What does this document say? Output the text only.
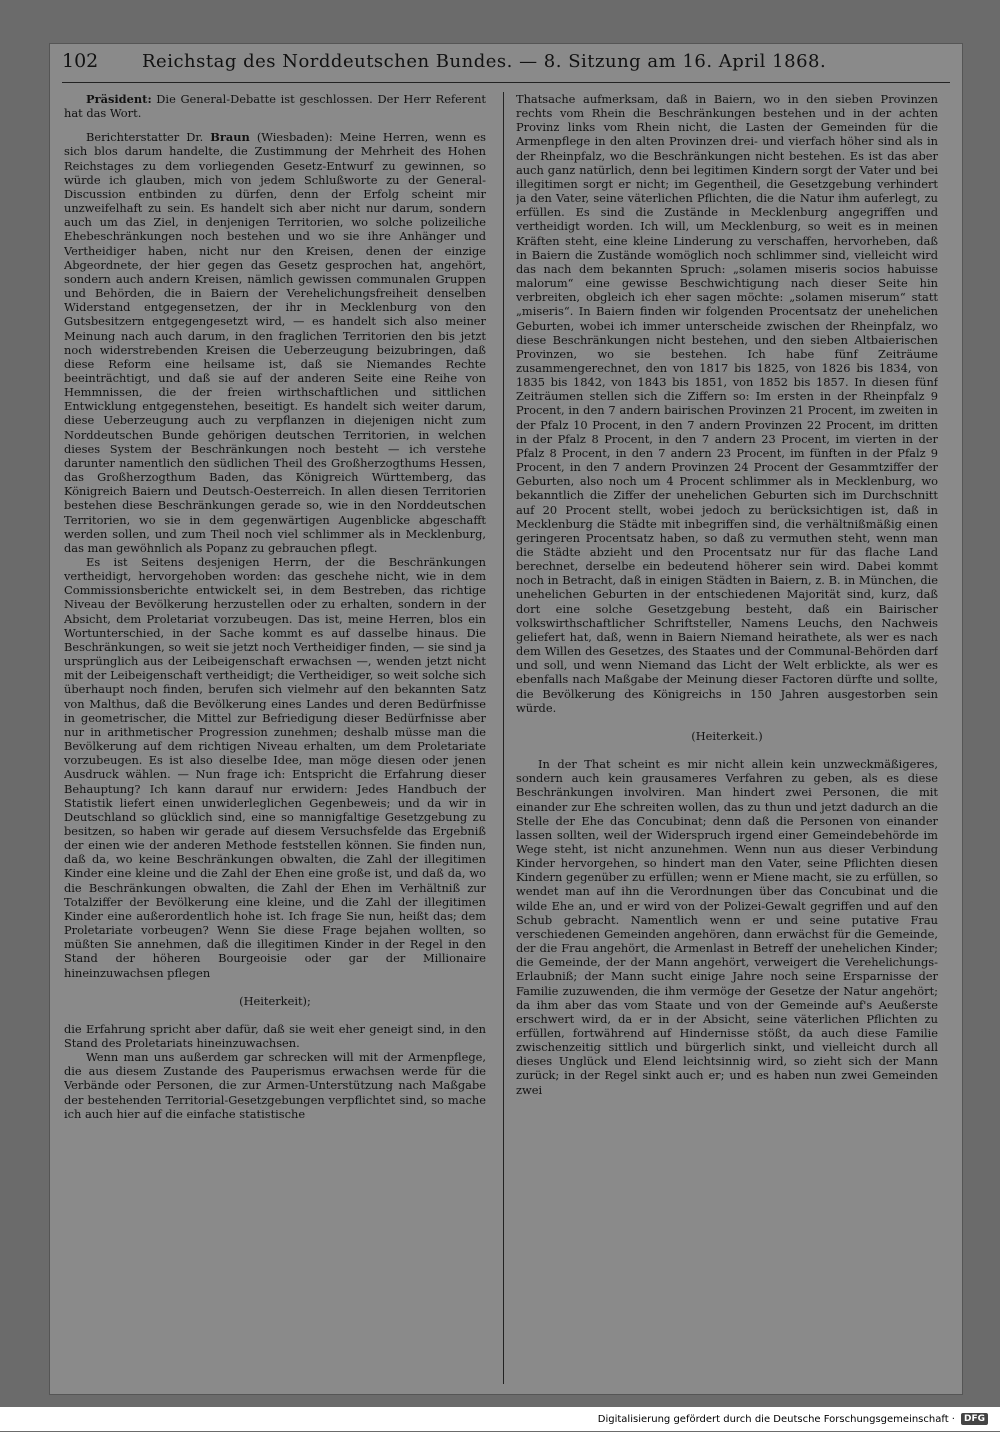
102	Reichstag des Norddeutschen Bundes. — 8. Sitzung am 16. April 1868.

Präsident: Die General-Debatte ist geschlossen. Der Herr Referent hat das Wort.

Berichterstatter Dr. Braun (Wiesbaden): Meine Herren, wenn es sich blos darum handelte, die Zustimmung der Mehrheit des Hohen Reichstages zu dem vorliegenden Gesetz-Entwurf zu gewinnen, so würde ich glauben, mich von jedem Schlußworte zu der General-Discussion entbinden zu dürfen, denn der Erfolg scheint mir unzweifelhaft zu sein. Es handelt sich aber nicht nur darum, sondern auch um das Ziel, in denjenigen Territorien, wo solche polizeiliche Ehebeschränkungen noch bestehen und wo sie ihre Anhänger und Vertheidiger haben, nicht nur den Kreisen, denen der einzige Abgeordnete, der hier gegen das Gesetz gesprochen hat, angehört, sondern auch andern Kreisen, nämlich gewissen communalen Gruppen und Behörden, die in Baiern der Verehelichungsfreiheit denselben Widerstand entgegensetzen, der ihr in Mecklenburg von den Gutsbesitzern entgegengesetzt wird, — es handelt sich also meiner Meinung nach auch darum, in den fraglichen Territorien den bis jetzt noch widerstrebenden Kreisen die Ueberzeugung beizubringen, daß diese Reform eine heilsame ist, daß sie Niemandes Rechte beeinträchtigt, und daß sie auf der anderen Seite eine Reihe von Hemmnissen, die der freien wirthschaftlichen und sittlichen Entwicklung entgegenstehen, beseitigt. Es handelt sich weiter darum, diese Ueberzeugung auch zu verpflanzen in diejenigen nicht zum Norddeutschen Bunde gehörigen deutschen Territorien, in welchen dieses System der Beschränkungen noch besteht — ich verstehe darunter namentlich den südlichen Theil des Großherzogthums Hessen, das Großherzogthum Baden, das Königreich Württemberg, das Königreich Baiern und Deutsch-Oesterreich. In allen diesen Territorien bestehen diese Beschränkungen gerade so, wie in den Norddeutschen Territorien, wo sie in dem gegenwärtigen Augenblicke abgeschafft werden sollen, und zum Theil noch viel schlimmer als in Mecklenburg, das man gewöhnlich als Popanz zu gebrauchen pflegt.

Es ist Seitens desjenigen Herrn, der die Beschränkungen vertheidigt, hervorgehoben worden: das geschehe nicht, wie in dem Commissionsberichte entwickelt sei, in dem Bestreben, das richtige Niveau der Bevölkerung herzustellen oder zu erhalten, sondern in der Absicht, dem Proletariat vorzubeugen. Das ist, meine Herren, blos ein Wortunterschied, in der Sache kommt es auf dasselbe hinaus. Die Beschränkungen, so weit sie jetzt noch Vertheidiger finden, — sie sind ja ursprünglich aus der Leibeigenschaft erwachsen —, wenden jetzt nicht mit der Leibeigenschaft vertheidigt; die Vertheidiger, so weit solche sich überhaupt noch finden, berufen sich vielmehr auf den bekannten Satz von Malthus, daß die Bevölkerung eines Landes und deren Bedürfnisse in geometrischer, die Mittel zur Befriedigung dieser Bedürfnisse aber nur in arithmetischer Progression zunehmen; deshalb müsse man die Bevölkerung auf dem richtigen Niveau erhalten, um dem Proletariate vorzubeugen. Es ist also dieselbe Idee, man möge diesen oder jenen Ausdruck wählen. — Nun frage ich: Entspricht die Erfahrung dieser Behauptung? Ich kann darauf nur erwidern: Jedes Handbuch der Statistik liefert einen unwiderleglichen Gegenbeweis; und da wir in Deutschland so glücklich sind, eine so mannigfaltige Gesetzgebung zu besitzen, so haben wir gerade auf diesem Versuchsfelde das Ergebniß der einen wie der anderen Methode feststellen können. Sie finden nun, daß da, wo keine Beschränkungen obwalten, die Zahl der illegitimen Kinder eine kleine und die Zahl der Ehen eine große ist, und daß da, wo die Beschränkungen obwalten, die Zahl der Ehen im Verhältniß zur Totalziffer der Bevölkerung eine kleine, und die Zahl der illegitimen Kinder eine außerordentlich hohe ist. Ich frage Sie nun, heißt das; dem Proletariate vorbeugen? Wenn Sie diese Frage bejahen wollten, so müßten Sie annehmen, daß die illegitimen Kinder in der Regel in den Stand der höheren Bourgeoisie oder gar der Millionaire hineinzuwachsen pflegen

(Heiterkeit);

die Erfahrung spricht aber dafür, daß sie weit eher geneigt sind, in den Stand des Proletariats hineinzuwachsen.

Wenn man uns außerdem gar schrecken will mit der Armenpflege, die aus diesem Zustande des Pauperismus erwachsen werde für die Verbände oder Personen, die zur Armen-Unterstützung nach Maßgabe der bestehenden Territorial-Gesetzgebungen verpflichtet sind, so mache ich auch hier auf die einfache statistische

Thatsache aufmerksam, daß in Baiern, wo in den sieben Provinzen rechts vom Rhein die Beschränkungen bestehen und in der achten Provinz links vom Rhein nicht, die Lasten der Gemeinden für die Armenpflege in den alten Provinzen drei- und vierfach höher sind als in der Rheinpfalz, wo die Beschränkungen nicht bestehen. Es ist das aber auch ganz natürlich, denn bei legitimen Kindern sorgt der Vater und bei illegitimen sorgt er nicht; im Gegentheil, die Gesetzgebung verhindert ja den Vater, seine väterlichen Pflichten, die die Natur ihm auferlegt, zu erfüllen. Es sind die Zustände in Mecklenburg angegriffen und vertheidigt worden. Ich will, um Mecklenburg, so weit es in meinen Kräften steht, eine kleine Linderung zu verschaffen, hervorheben, daß in Baiern die Zustände womöglich noch schlimmer sind, vielleicht wird das nach dem bekannten Spruch: „solamen miseris socios habuisse malorum“ eine gewisse Beschwichtigung nach dieser Seite hin verbreiten, obgleich ich eher sagen möchte: „solamen miserum“ statt „miseris“. In Baiern finden wir folgenden Procentsatz der unehelichen Geburten, wobei ich immer unterscheide zwischen der Rheinpfalz, wo diese Beschränkungen nicht bestehen, und den sieben Altbaierischen Provinzen, wo sie bestehen. Ich habe fünf Zeiträume zusammengerechnet, den von 1817 bis 1825, von 1826 bis 1834, von 1835 bis 1842, von 1843 bis 1851, von 1852 bis 1857. In diesen fünf Zeiträumen stellen sich die Ziffern so: Im ersten in der Rheinpfalz 9 Procent, in den 7 andern bairischen Provinzen 21 Procent, im zweiten in der Pfalz 10 Procent, in den 7 andern Provinzen 22 Procent, im dritten in der Pfalz 8 Procent, in den 7 andern 23 Procent, im vierten in der Pfalz 8 Procent, in den 7 andern 23 Procent, im fünften in der Pfalz 9 Procent, in den 7 andern Provinzen 24 Procent der Gesammtziffer der Geburten, also noch um 4 Procent schlimmer als in Mecklenburg, wo bekanntlich die Ziffer der unehelichen Geburten sich im Durchschnitt auf 20 Procent stellt, wobei jedoch zu berücksichtigen ist, daß in Mecklenburg die Städte mit inbegriffen sind, die verhältnißmäßig einen geringeren Procentsatz haben, so daß zu vermuthen steht, wenn man die Städte abzieht und den Procentsatz nur für das flache Land berechnet, derselbe ein bedeutend höherer sein wird. Dabei kommt noch in Betracht, daß in einigen Städten in Baiern, z. B. in München, die unehelichen Geburten in der entschiedenen Majorität sind, kurz, daß dort eine solche Gesetzgebung besteht, daß ein Bairischer volkswirthschaftlicher Schriftsteller, Namens Leuchs, den Nachweis geliefert hat, daß, wenn in Baiern Niemand heirathete, als wer es nach dem Willen des Gesetzes, des Staates und der Communal-Behörden darf und soll, und wenn Niemand das Licht der Welt erblickte, als wer es ebenfalls nach Maßgabe der Meinung dieser Factoren dürfte und sollte, die Bevölkerung des Königreichs in 150 Jahren ausgestorben sein würde.

(Heiterkeit.)

In der That scheint es mir nicht allein kein unzweckmäßigeres, sondern auch kein grausameres Verfahren zu geben, als es diese Beschränkungen involviren. Man hindert zwei Personen, die mit einander zur Ehe schreiten wollen, das zu thun und jetzt dadurch an die Stelle der Ehe das Concubinat; denn daß die Personen von einander lassen sollten, weil der Widerspruch irgend einer Gemeindebehörde im Wege steht, ist nicht anzunehmen. Wenn nun aus dieser Verbindung Kinder hervorgehen, so hindert man den Vater, seine Pflichten diesen Kindern gegenüber zu erfüllen; wenn er Miene macht, sie zu erfüllen, so wendet man auf ihn die Verordnungen über das Concubinat und die wilde Ehe an, und er wird von der Polizei-Gewalt gegriffen und auf den Schub gebracht. Namentlich wenn er und seine putative Frau verschiedenen Gemeinden angehören, dann erwächst für die Gemeinde, der die Frau angehört, die Armenlast in Betreff der unehelichen Kinder; die Gemeinde, der der Mann angehört, verweigert die Verehelichungs-Erlaubniß; der Mann sucht einige Jahre noch seine Ersparnisse der Familie zuzuwenden, die ihm vermöge der Gesetze der Natur angehört; da ihm aber das vom Staate und von der Gemeinde auf's Aeußerste erschwert wird, da er in der Absicht, seine väterlichen Pflichten zu erfüllen, fortwährend auf Hindernisse stößt, da auch diese Familie zwischenzeitig sittlich und bürgerlich sinkt, und vielleicht durch all dieses Unglück und Elend leichtsinnig wird, so zieht sich der Mann zurück; in der Regel sinkt auch er; und es haben nun zwei Gemeinden zwei

Digitalisierung gefördert durch die Deutsche Forschungsgemeinschaft ·	DFG
